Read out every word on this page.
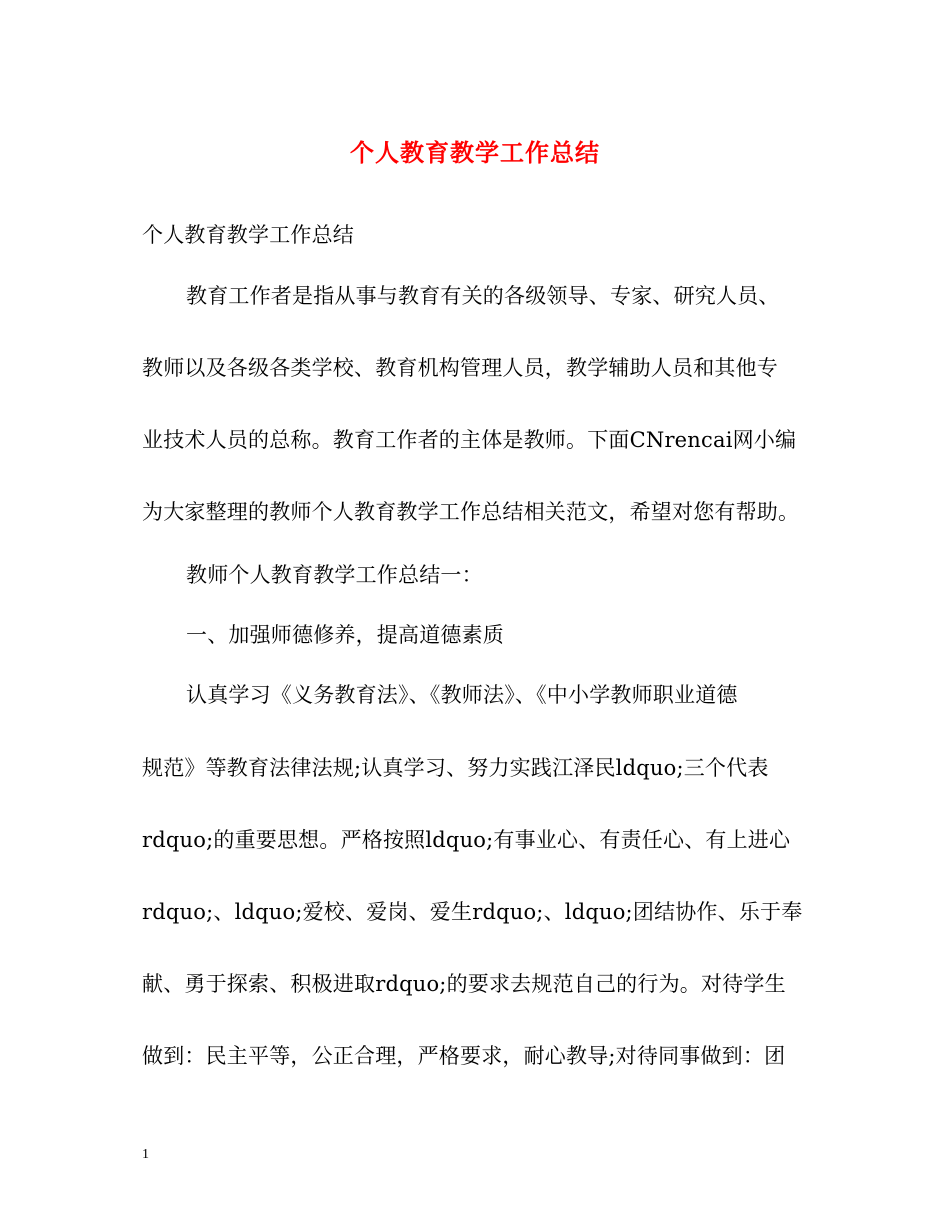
个人教育教学工作总结
个人教育教学工作总结
教育工作者是指从事与教育有关的各级领导、专家、研究人员、
教师以及各级各类学校、教育机构管理人员，教学辅助人员和其他专
业技术人员的总称。教育工作者的主体是教师。下面CNrencai网小编
为大家整理的教师个人教育教学工作总结相关范文，希望对您有帮助。
教师个人教育教学工作总结一：
一、加强师德修养，提高道德素质
认真学习《义务教育法》、《教师法》、《中小学教师职业道德
规范》等教育法律法规;认真学习、努力实践江泽民ldquo;三个代表
rdquo;的重要思想。严格按照ldquo;有事业心、有责任心、有上进心
rdquo;、ldquo;爱校、爱岗、爱生rdquo;、ldquo;团结协作、乐于奉
献、勇于探索、积极进取rdquo;的要求去规范自己的行为。对待学生
做到：民主平等，公正合理，严格要求，耐心教导;对待同事做到：团
1
